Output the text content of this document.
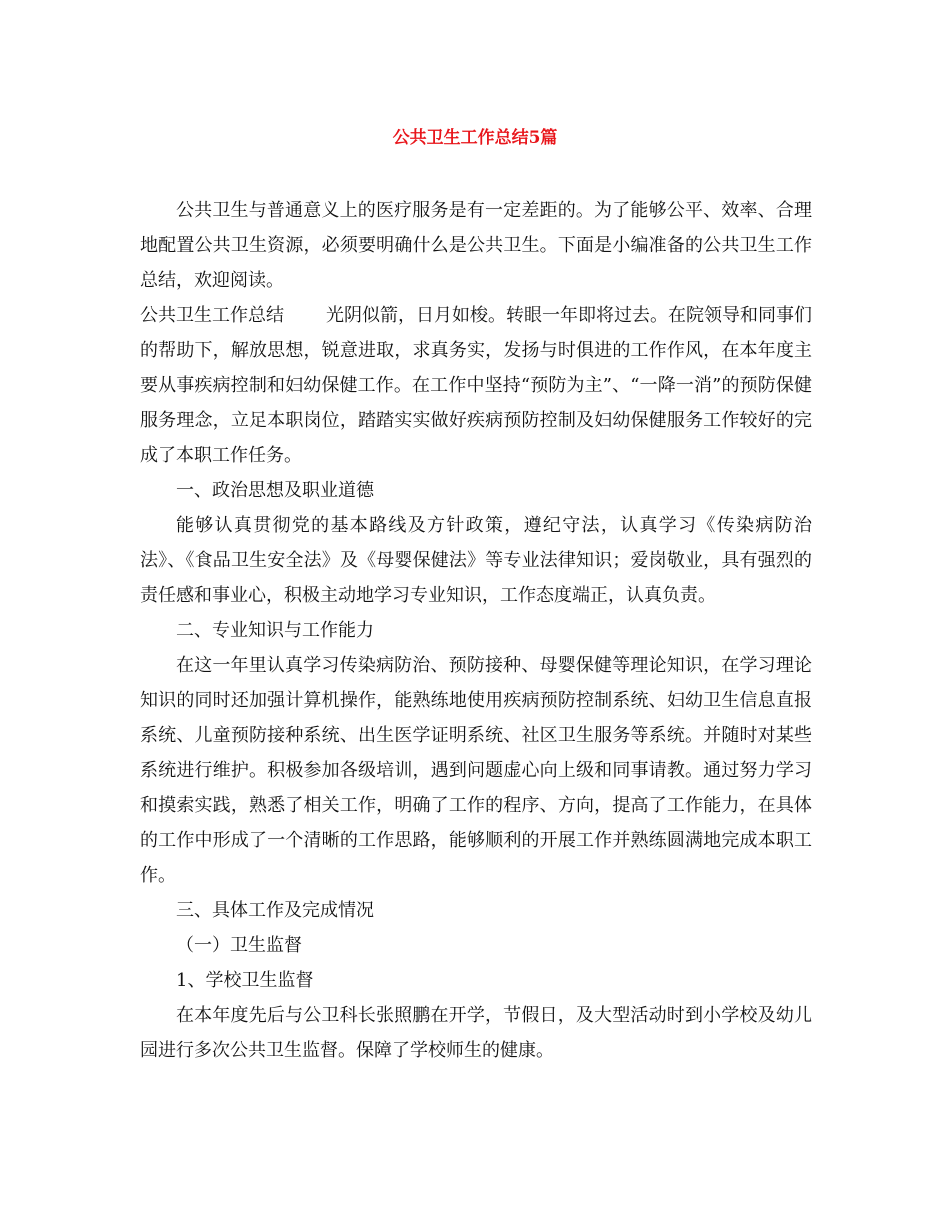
公共卫生工作总结5篇

公共卫生与普通意义上的医疗服务是有一定差距的。为了能够公平、效率、合理地配置公共卫生资源，必须要明确什么是公共卫生。下面是小编准备的公共卫生工作总结，欢迎阅读。

公共卫生工作总结 光阴似箭，日月如梭。转眼一年即将过去。在院领导和同事们的帮助下，解放思想，锐意进取，求真务实，发扬与时俱进的工作作风，在本年度主要从事疾病控制和妇幼保健工作。在工作中坚持“预防为主”、“一降一消”的预防保健服务理念，立足本职岗位，踏踏实实做好疾病预防控制及妇幼保健服务工作较好的完成了本职工作任务。

一、政治思想及职业道德

能够认真贯彻党的基本路线及方针政策，遵纪守法，认真学习《传染病防治法》、《食品卫生安全法》及《母婴保健法》等专业法律知识；爱岗敬业，具有强烈的责任感和事业心，积极主动地学习专业知识，工作态度端正，认真负责。

二、专业知识与工作能力

在这一年里认真学习传染病防治、预防接种、母婴保健等理论知识，在学习理论知识的同时还加强计算机操作，能熟练地使用疾病预防控制系统、妇幼卫生信息直报系统、儿童预防接种系统、出生医学证明系统、社区卫生服务等系统。并随时对某些系统进行维护。积极参加各级培训，遇到问题虚心向上级和同事请教。通过努力学习和摸索实践，熟悉了相关工作，明确了工作的程序、方向，提高了工作能力，在具体的工作中形成了一个清晰的工作思路，能够顺利的开展工作并熟练圆满地完成本职工作。

三、具体工作及完成情况

（一）卫生监督

1、学校卫生监督

在本年度先后与公卫科长张照鹏在开学，节假日，及大型活动时到小学校及幼儿园进行多次公共卫生监督。保障了学校师生的健康。
